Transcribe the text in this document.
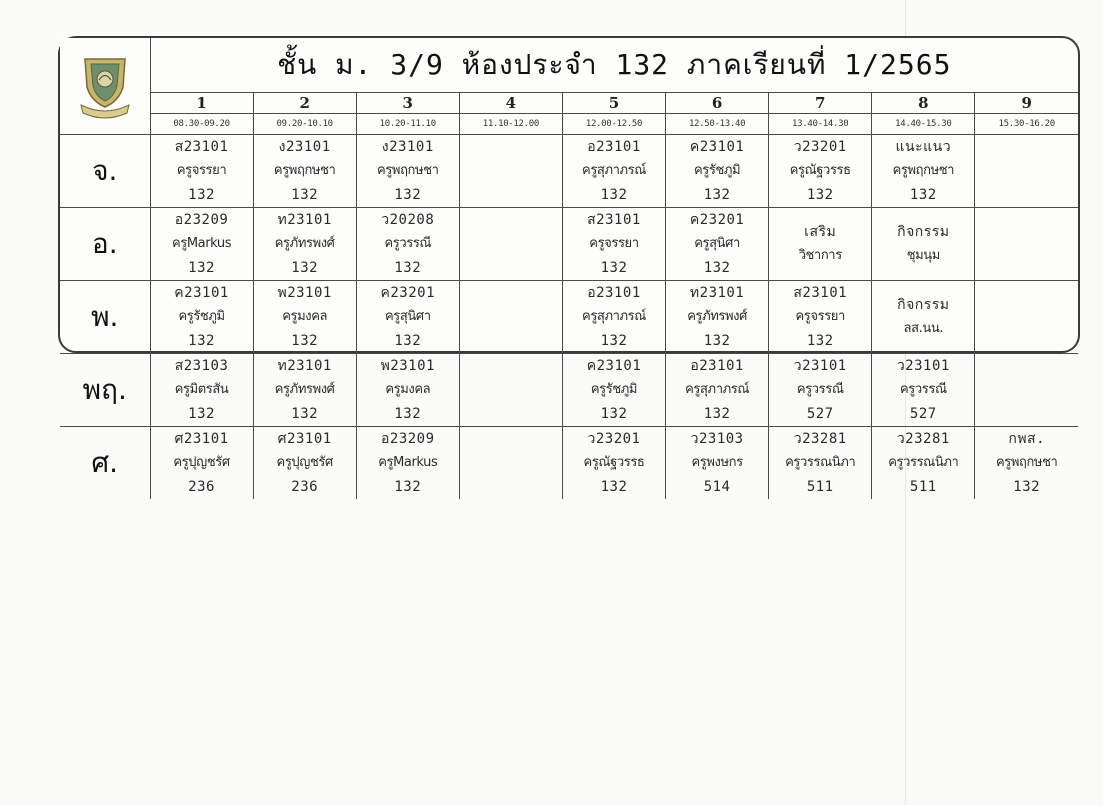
	ชั้น ม. 3/9 ห้องประจำ 132 ภาคเรียนที่ 1/2565								
	1	2	3	4	5	6	7	8	9
	08.30-09.20	09.20-10.10	10.20-11.10	11.10-12.00	12.00-12.50	12.50-13.40	13.40-14.30	14.40-15.30	15.30-16.20
จ.	ส23101
ครูจรรยา
132	ง23101
ครูพฤกษชา
132	ง23101
ครูพฤกษชา
132		อ23101
ครูสุภาภรณ์
132	ค23101
ครูรัชภูมิ
132	ว23201
ครูณัฐวรรธ
132	แนะแนว
ครูพฤกษชา
132	

อ.	อ23209
ครูMarkus
132	ท23101
ครูภัทรพงศ์
132	ว20208
ครูวรรณี
132		ส23101
ครูจรรยา
132	ค23201
ครูสุนิศา
132	เสริม
วิชาการ	กิจกรรม
ชุมนุม	

พ.	ค23101
ครูรัชภูมิ
132	พ23101
ครูมงคล
132	ค23201
ครูสุนิศา
132		อ23101
ครูสุภาภรณ์
132	ท23101
ครูภัทรพงศ์
132	ส23101
ครูจรรยา
132	กิจกรรม
ลส.นน.	

พฤ.	ส23103
ครูมิตรสัน
132	ท23101
ครูภัทรพงศ์
132	พ23101
ครูมงคล
132		ค23101
ครูรัชภูมิ
132	อ23101
ครูสุภาภรณ์
132	ว23101
ครูวรรณี
527	ว23101
ครูวรรณี
527	

ศ.	ศ23101
ครูปุญชรัศ
236	ศ23101
ครูปุญชรัศ
236	อ23209
ครูMarkus
132		ว23201
ครูณัฐวรรธ
132	ว23103
ครูพงษกร
514	ว23281
ครูวรรณนิภา
511	ว23281
ครูวรรณนิภา
511	กพส.
ครูพฤกษชา
132
